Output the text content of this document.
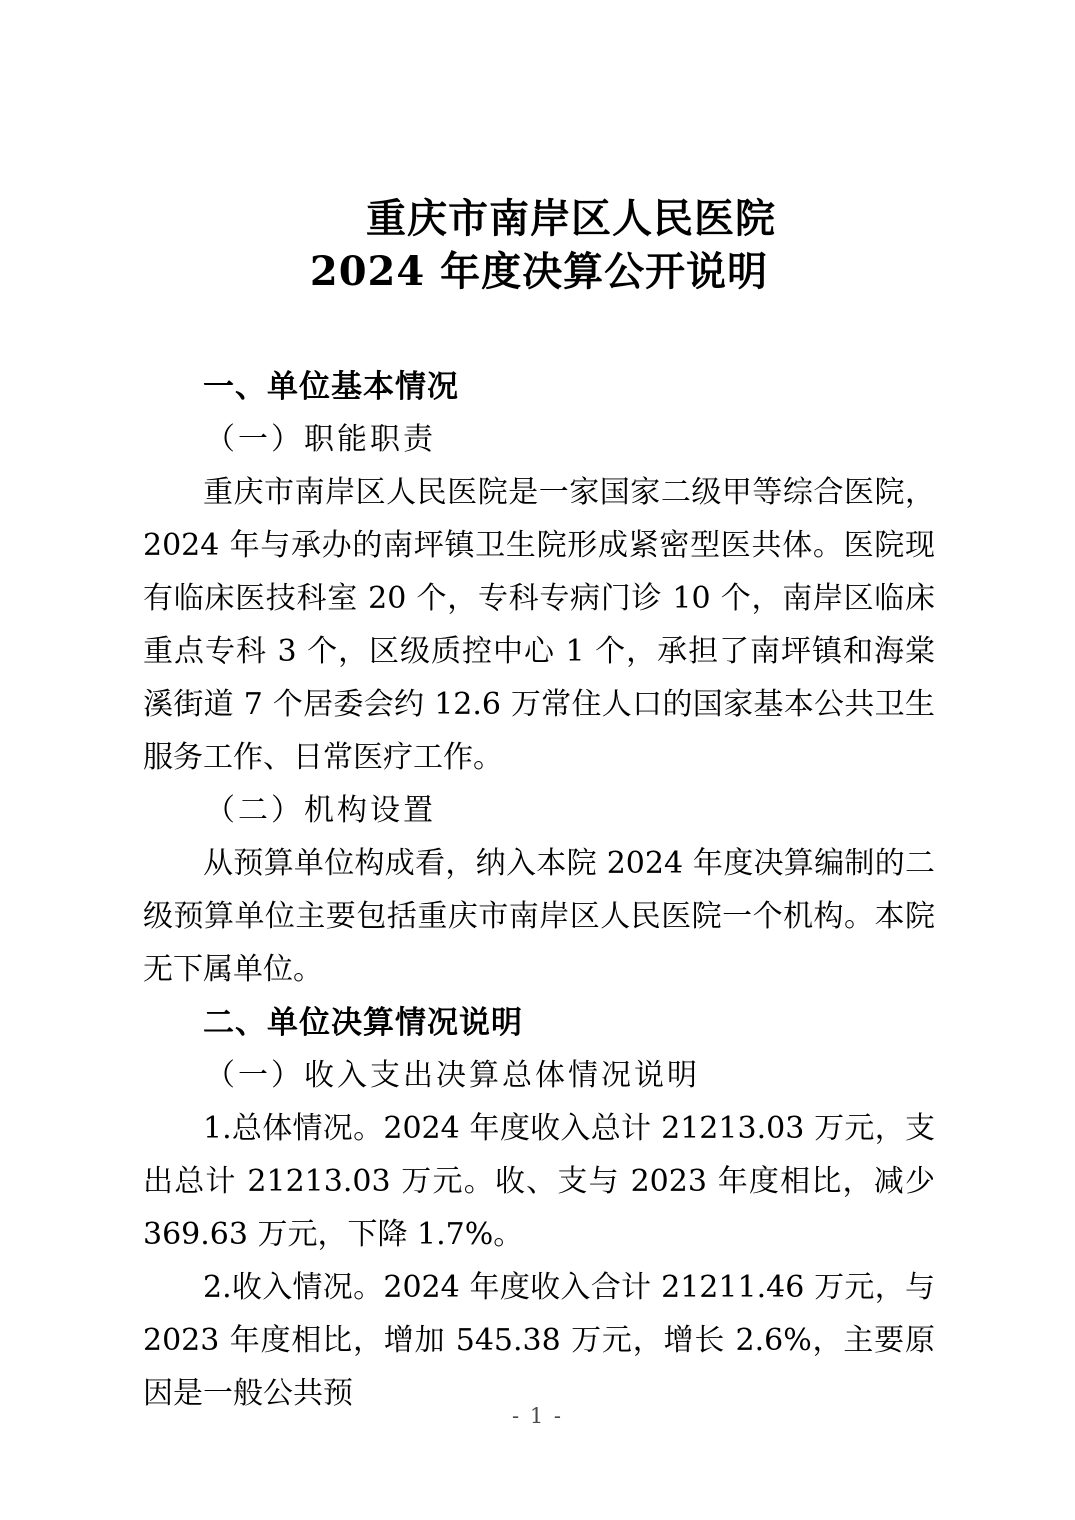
重庆市南岸区人民医院
2024 年度决算公开说明
一、单位基本情况
（一）职能职责
重庆市南岸区人民医院是一家国家二级甲等综合医院，2024 年与承办的南坪镇卫生院形成紧密型医共体。医院现有临床医技科室 20 个，专科专病门诊 10 个，南岸区临床重点专科 3 个，区级质控中心 1 个，承担了南坪镇和海棠溪街道 7 个居委会约 12.6 万常住人口的国家基本公共卫生服务工作、日常医疗工作。
（二）机构设置
从预算单位构成看，纳入本院 2024 年度决算编制的二级预算单位主要包括重庆市南岸区人民医院一个机构。本院无下属单位。
二、单位决算情况说明
（一）收入支出决算总体情况说明
1.总体情况。2024 年度收入总计 21213.03 万元，支出总计 21213.03 万元。收、支与 2023 年度相比，减少 369.63 万元，下降 1.7%。
2.收入情况。2024 年度收入合计 21211.46 万元，与 2023 年度相比，增加 545.38 万元，增长 2.6%，主要原因是一般公共预
- 1 -
